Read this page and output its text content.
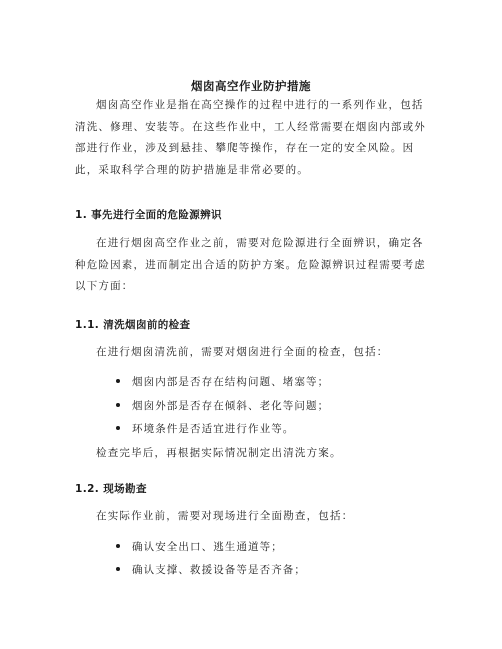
烟囱高空作业防护措施

烟囱高空作业是指在高空操作的过程中进行的一系列作业，包括清洗、修理、安装等。在这些作业中，工人经常需要在烟囱内部或外部进行作业，涉及到悬挂、攀爬等操作，存在一定的安全风险。因此，采取科学合理的防护措施是非常必要的。

1. 事先进行全面的危险源辨识

在进行烟囱高空作业之前，需要对危险源进行全面辨识，确定各种危险因素，进而制定出合适的防护方案。危险源辨识过程需要考虑以下方面：

1.1. 清洗烟囱前的检查

在进行烟囱清洗前，需要对烟囱进行全面的检查，包括：

烟囱内部是否存在结构问题、堵塞等；
烟囱外部是否存在倾斜、老化等问题；
环境条件是否适宜进行作业等。

检查完毕后，再根据实际情况制定出清洗方案。

1.2. 现场勘查

在实际作业前，需要对现场进行全面勘查，包括：

确认安全出口、逃生通道等；
确认支撑、救援设备等是否齐备；
